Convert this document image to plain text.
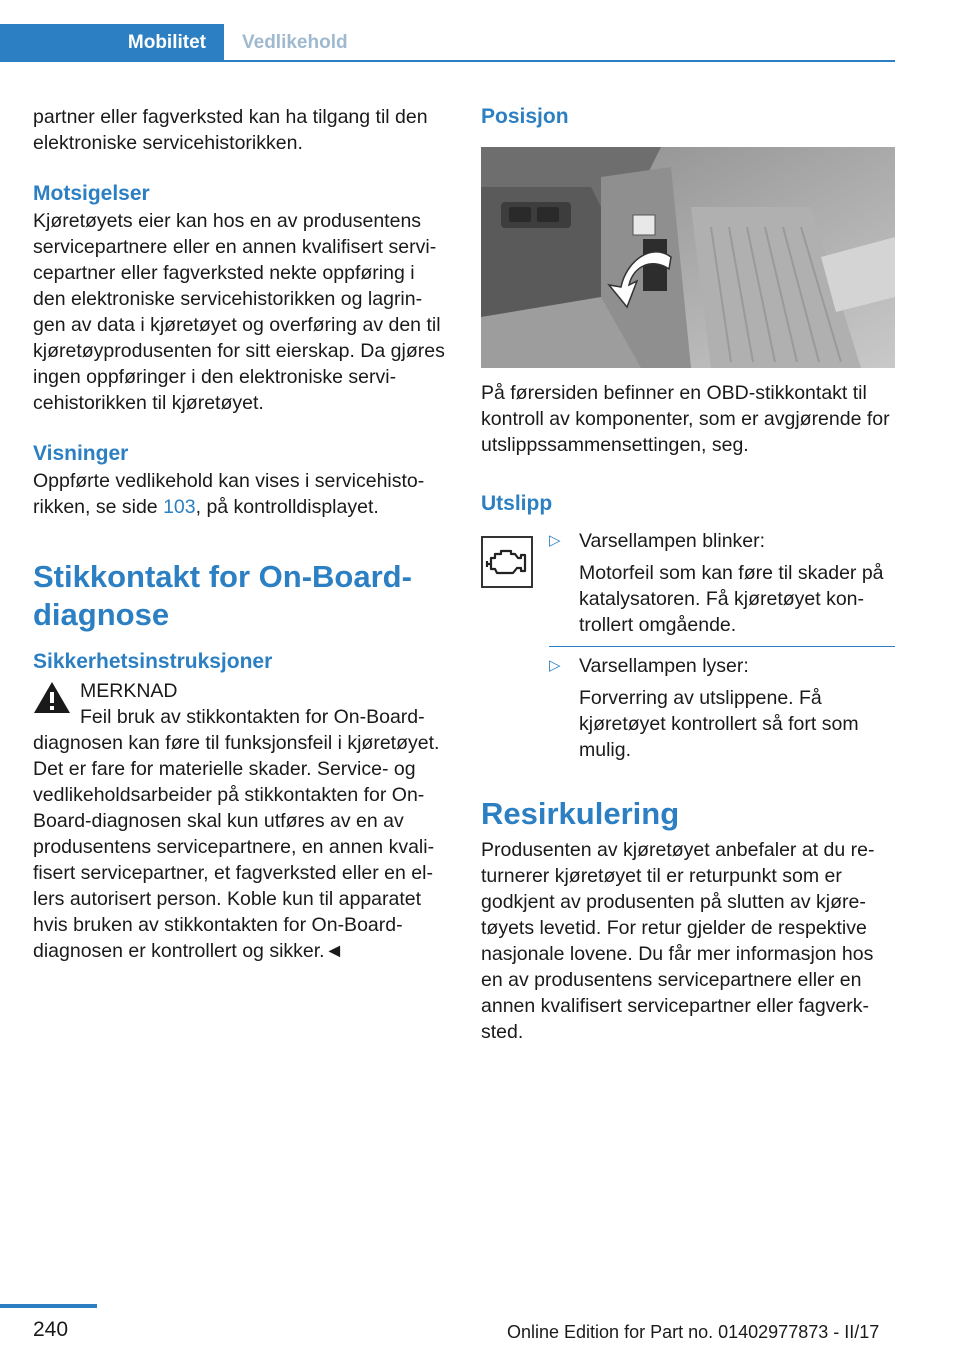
Mobilitet	Vedlikehold

partner eller fagverksted kan ha tilgang til den elektroniske servicehistorikken.

Motsigelser

Kjøretøyets eier kan hos en av produsentens servicepartnere eller en annen kvalifisert servicepartner eller fagverksted nekte oppføring i den elektroniske servicehistorikken og lagringen av data i kjøretøyet og overføring av den til kjøretøyprodusenten for sitt eierskap. Da gjøres ingen oppføringer i den elektroniske servicehistorikken til kjøretøyet.

Visninger

Oppførte vedlikehold kan vises i servicehistorikken, se side 103, på kontrolldisplayet.

Stikkontakt for On-Board-diagnose

Sikkerhetsinstruksjoner

MERKNAD

Feil bruk av stikkontakten for On-Board-

diagnosen kan føre til funksjonsfeil i kjøretøyet. Det er fare for materielle skader. Service- og vedlikeholdsarbeider på stikkontakten for On-Board-diagnosen skal kun utføres av en av produsentens servicepartnere, en annen kvalifisert servicepartner, et fagverksted eller en ellers autorisert person. Koble kun til apparatet hvis bruken av stikkontakten for On-Board-diagnosen er kontrollert og sikker.◄

Posisjon

På førersiden befinner en OBD-stikkontakt til kontroll av komponenter, som er avgjørende for utslippssammensettingen, seg.

Utslipp

▷ Varsellampen blinker:

Motorfeil som kan føre til skader på katalysatoren. Få kjøretøyet kontrollert omgående.

▷ Varsellampen lyser:

Forverring av utslippene. Få kjøretøyet kontrollert så fort som mulig.

Resirkulering

Produsenten av kjøretøyet anbefaler at du returnerer kjøretøyet til er returpunkt som er godkjent av produsenten på slutten av kjøretøyets levetid. For retur gjelder de respektive nasjonale lovene. Du får mer informasjon hos en av produsentens servicepartnere eller en annen kvalifisert servicepartner eller fagverksted.

240	Online Edition for Part no. 01402977873 - II/17
